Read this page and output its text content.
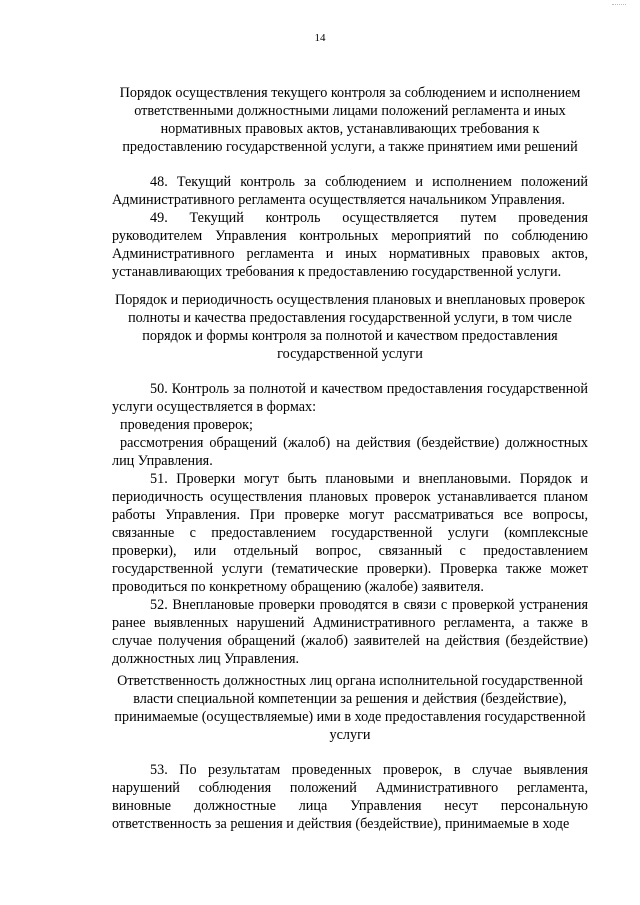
14

Порядок осуществления текущего контроля за соблюдением и исполнением ответственными должностными лицами положений регламента и иных нормативных правовых актов, устанавливающих требования к предоставлению государственной услуги, а также принятием ими решений

48. Текущий контроль за соблюдением и исполнением положений Административного регламента осуществляется начальником Управления.

49. Текущий контроль осуществляется путем проведения руководителем Управления контрольных мероприятий по соблюдению Административного регламента и иных нормативных правовых актов, устанавливающих требования к предоставлению государственной услуги.

Порядок и периодичность осуществления плановых и внеплановых проверок полноты и качества предоставления государственной услуги, в том числе порядок и формы контроля за полнотой и качеством предоставления государственной услуги

50. Контроль за полнотой и качеством предоставления государственной услуги осуществляется в формах:

проведения проверок;

рассмотрения обращений (жалоб) на действия (бездействие) должностных лиц Управления.

51. Проверки могут быть плановыми и внеплановыми. Порядок и периодичность осуществления плановых проверок устанавливается планом работы Управления. При проверке могут рассматриваться все вопросы, связанные с предоставлением государственной услуги (комплексные проверки), или отдельный вопрос, связанный с предоставлением государственной услуги (тематические проверки). Проверка также может проводиться по конкретному обращению (жалобе) заявителя.

52. Внеплановые проверки проводятся в связи с проверкой устранения ранее выявленных нарушений Административного регламента, а также в случае получения обращений (жалоб) заявителей на действия (бездействие) должностных лиц Управления.

Ответственность должностных лиц органа исполнительной государственной власти специальной компетенции за решения и действия (бездействие), принимаемые (осуществляемые) ими в ходе предоставления государственной услуги

53. По результатам проведенных проверок, в случае выявления нарушений соблюдения положений Административного регламента, виновные должностные лица Управления несут персональную ответственность за решения и действия (бездействие), принимаемые в ходе
